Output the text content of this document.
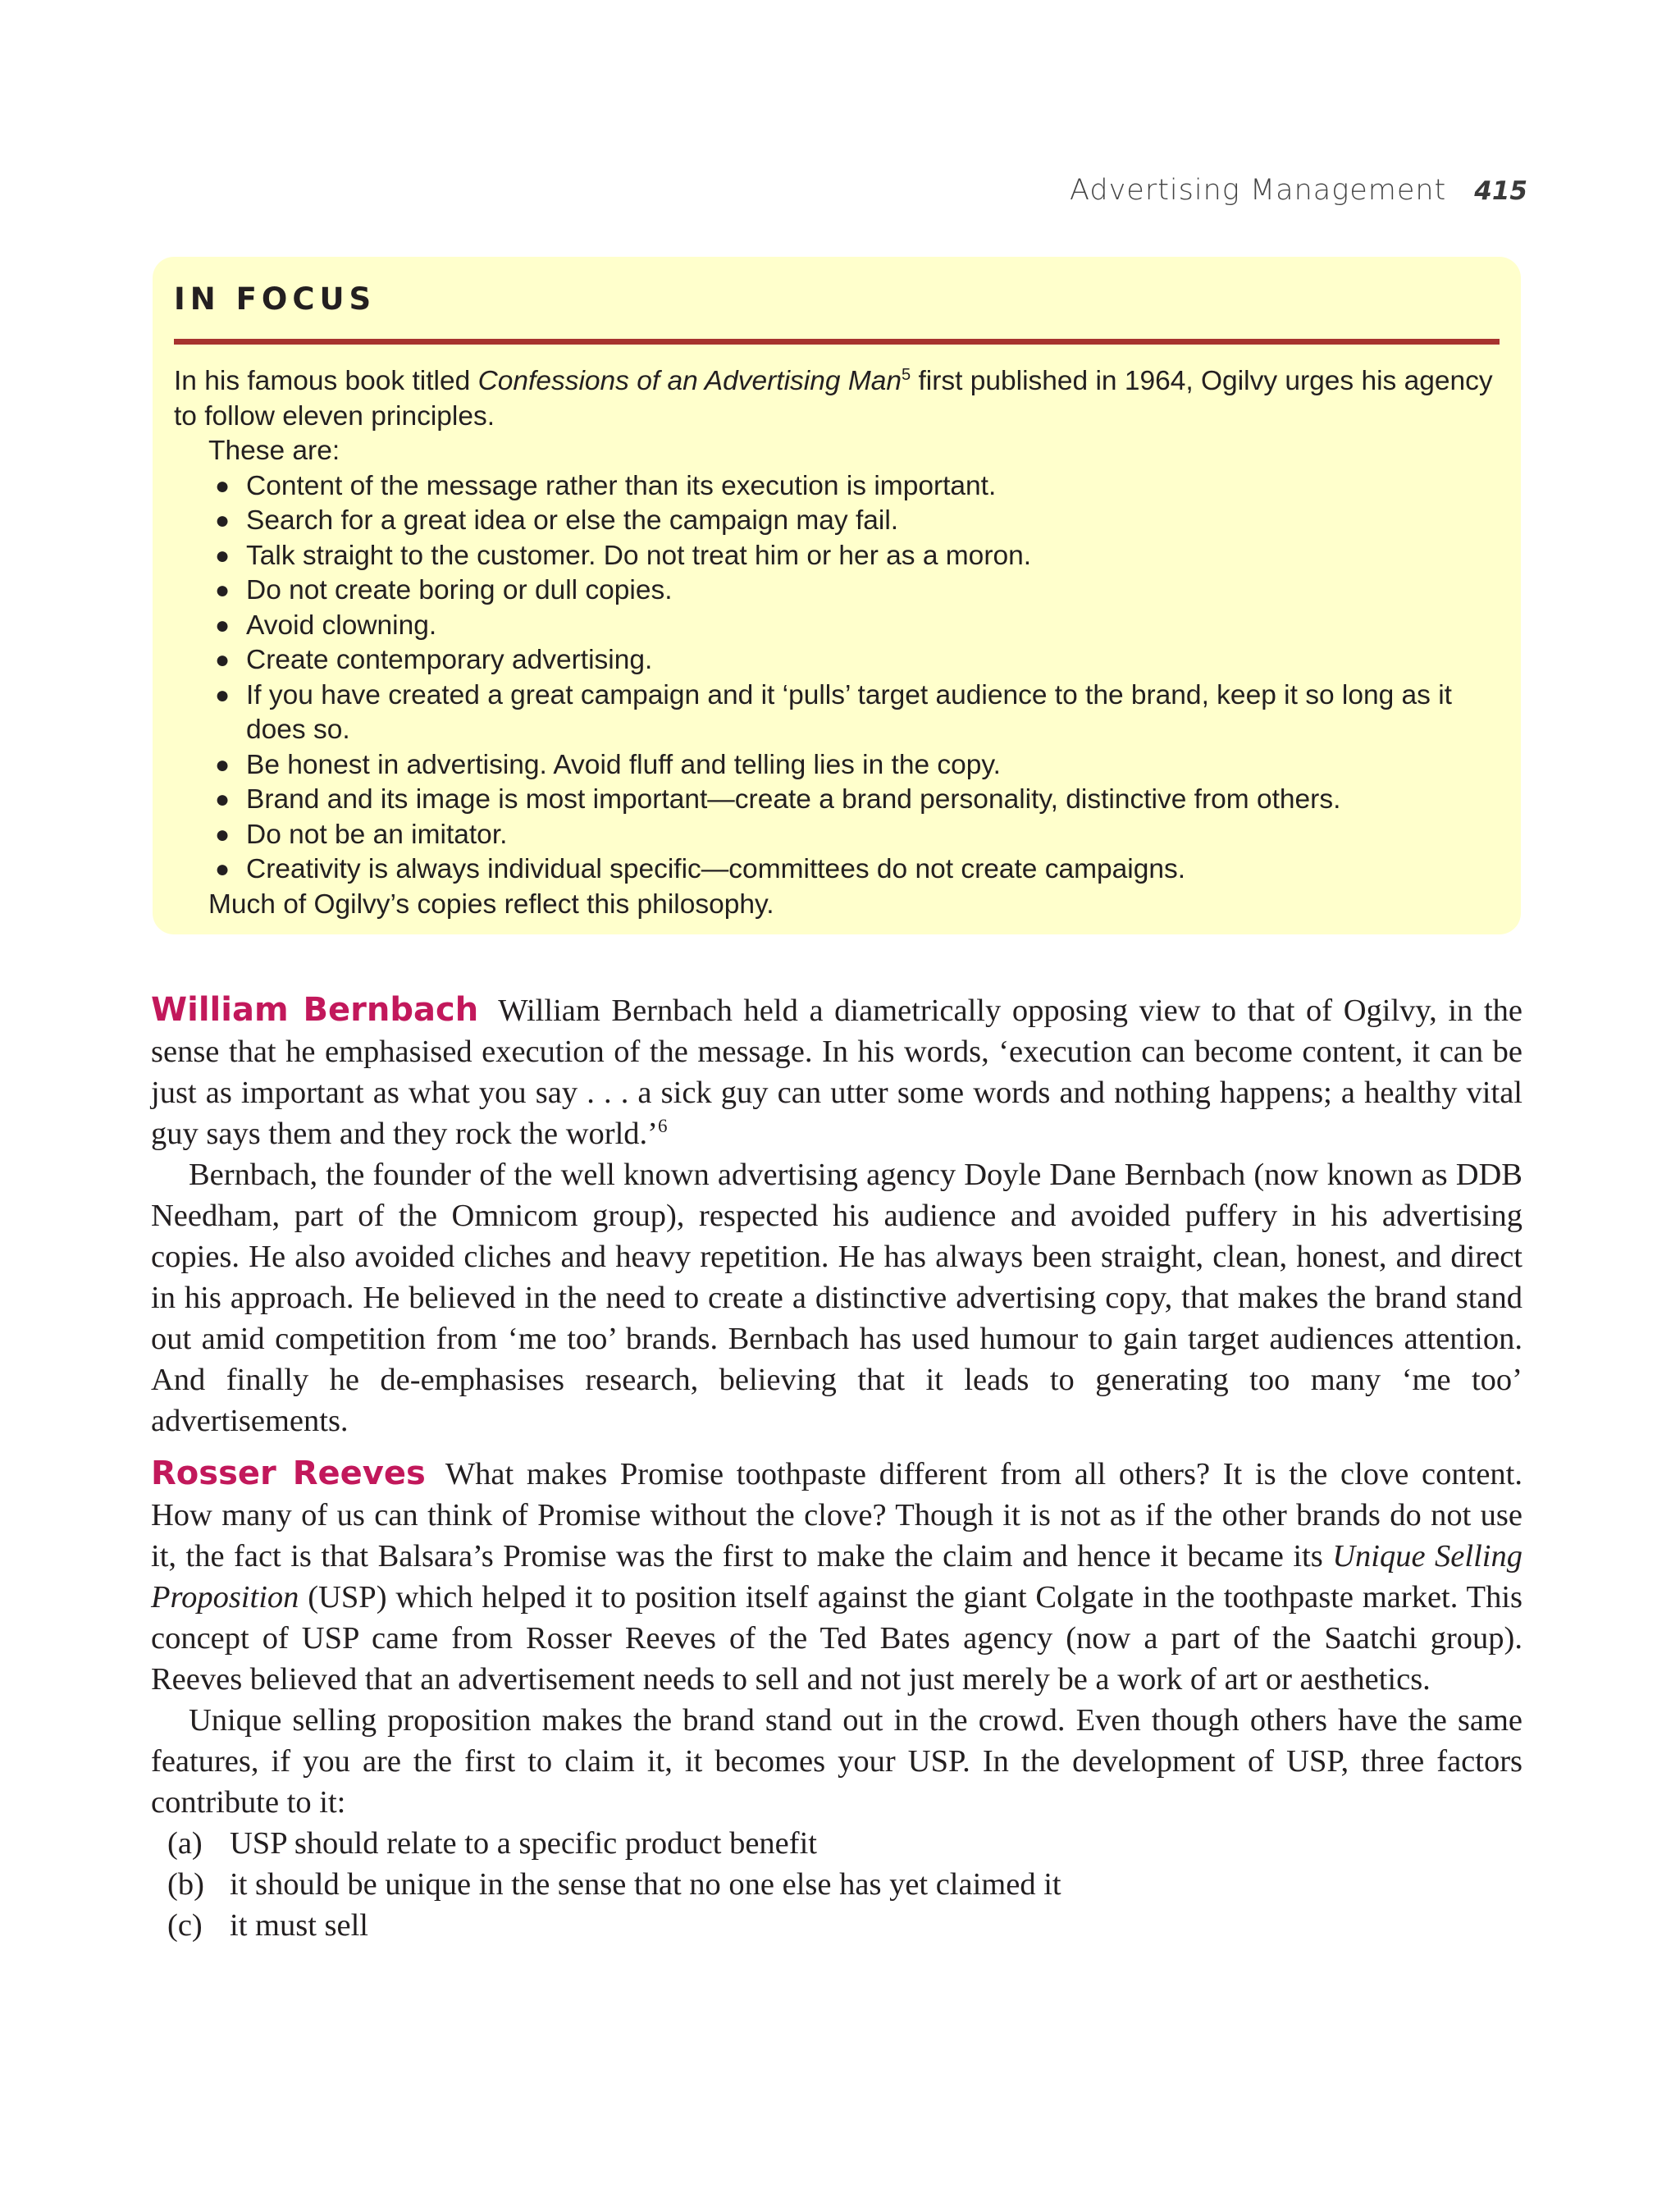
Advertising Management 415
IN FOCUS

In his famous book titled Confessions of an Advertising Man$^5$ first published in 1964, Ogilvy urges his agency to follow eleven principles.

These are:

● Content of the message rather than its execution is important.
● Search for a great idea or else the campaign may fail.
● Talk straight to the customer. Do not treat him or her as a moron.
● Do not create boring or dull copies.
● Avoid clowning.
● Create contemporary advertising.
● If you have created a great campaign and it ‘pulls’ target audience to the brand, keep it so long as it does so.
● Be honest in advertising. Avoid fluff and telling lies in the copy.
● Brand and its image is most important—create a brand personality, distinctive from others.
● Do not be an imitator.
● Creativity is always individual specific—committees do not create campaigns.

Much of Ogilvy’s copies reflect this philosophy.

William Bernbach William Bernbach held a diametrically opposing view to that of Ogilvy, in the sense that he emphasised execution of the message. In his words, ‘execution can become content, it can be just as important as what you say . . . a sick guy can utter some words and nothing happens; a healthy vital guy says them and they rock the world.’$^6$

Bernbach, the founder of the well known advertising agency Doyle Dane Bernbach (now known as DDB Needham, part of the Omnicom group), respected his audience and avoided puffery in his advertising copies. He also avoided cliches and heavy repetition. He has always been straight, clean, honest, and direct in his approach. He believed in the need to create a distinctive advertising copy, that makes the brand stand out amid competition from ‘me too’ brands. Bernbach has used humour to gain target audiences attention. And finally he de-emphasises research, believing that it leads to generating too many ‘me too’ advertisements.

Rosser Reeves What makes Promise toothpaste different from all others? It is the clove content. How many of us can think of Promise without the clove? Though it is not as if the other brands do not use it, the fact is that Balsara’s Promise was the first to make the claim and hence it became its Unique Selling Proposition (USP) which helped it to position itself against the giant Colgate in the toothpaste market. This concept of USP came from Rosser Reeves of the Ted Bates agency (now a part of the Saatchi group). Reeves believed that an advertisement needs to sell and not just merely be a work of art or aesthetics.

Unique selling proposition makes the brand stand out in the crowd. Even though others have the same features, if you are the first to claim it, it becomes your USP. In the development of USP, three factors contribute to it:

(a) USP should relate to a specific product benefit
(b) it should be unique in the sense that no one else has yet claimed it
(c) it must sell
